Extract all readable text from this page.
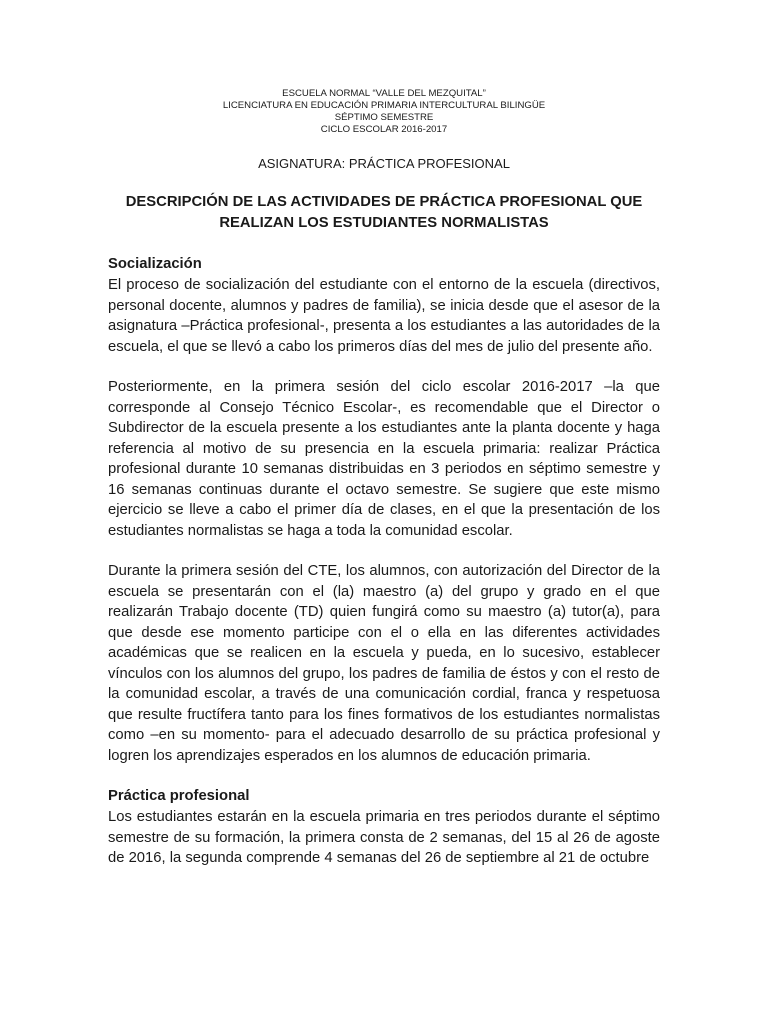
ESCUELA NORMAL “VALLE DEL MEZQUITAL”

LICENCIATURA EN EDUCACIÓN PRIMARIA INTERCULTURAL BILINGÜE

SÉPTIMO SEMESTRE

CICLO ESCOLAR 2016-2017

ASIGNATURA: PRÁCTICA PROFESIONAL
DESCRIPCIÓN DE LAS ACTIVIDADES DE PRÁCTICA PROFESIONAL QUE REALIZAN LOS ESTUDIANTES NORMALISTAS
Socialización

El proceso de socialización del estudiante con el entorno de la escuela (directivos, personal docente, alumnos y padres de familia), se inicia desde que el asesor de la asignatura –Práctica profesional-, presenta a los estudiantes a las autoridades de la escuela, el que se llevó a cabo los primeros días del mes de julio del presente año.

Posteriormente, en la primera sesión del ciclo escolar 2016-2017 –la que corresponde al Consejo Técnico Escolar-, es recomendable que el Director o Subdirector de la escuela presente a los estudiantes ante la planta docente y haga referencia al motivo de su presencia en la escuela primaria: realizar Práctica profesional durante 10 semanas distribuidas en 3 periodos en séptimo semestre y 16 semanas continuas durante el octavo semestre. Se sugiere que este mismo ejercicio se lleve a cabo el primer día de clases, en el que la presentación de los estudiantes normalistas se haga a toda la comunidad escolar.

Durante la primera sesión del CTE, los alumnos, con autorización del Director de la escuela se presentarán con el (la) maestro (a) del grupo y grado en el que realizarán Trabajo docente (TD) quien fungirá como su maestro (a) tutor(a), para que desde ese momento participe con el o ella en las diferentes actividades académicas que se realicen en la escuela y pueda, en lo sucesivo, establecer vínculos con los alumnos del grupo, los padres de familia de éstos y con el resto de la comunidad escolar, a través de una comunicación cordial, franca y respetuosa que resulte fructífera tanto para los fines formativos de los estudiantes normalistas como –en su momento- para el adecuado desarrollo de su práctica profesional y logren los aprendizajes esperados en los alumnos de educación primaria.

Práctica profesional

Los estudiantes estarán en la escuela primaria en tres periodos durante el séptimo semestre de su formación, la primera consta de 2 semanas, del 15 al 26 de agoste de 2016, la segunda comprende 4 semanas del 26 de septiembre al 21 de octubre
